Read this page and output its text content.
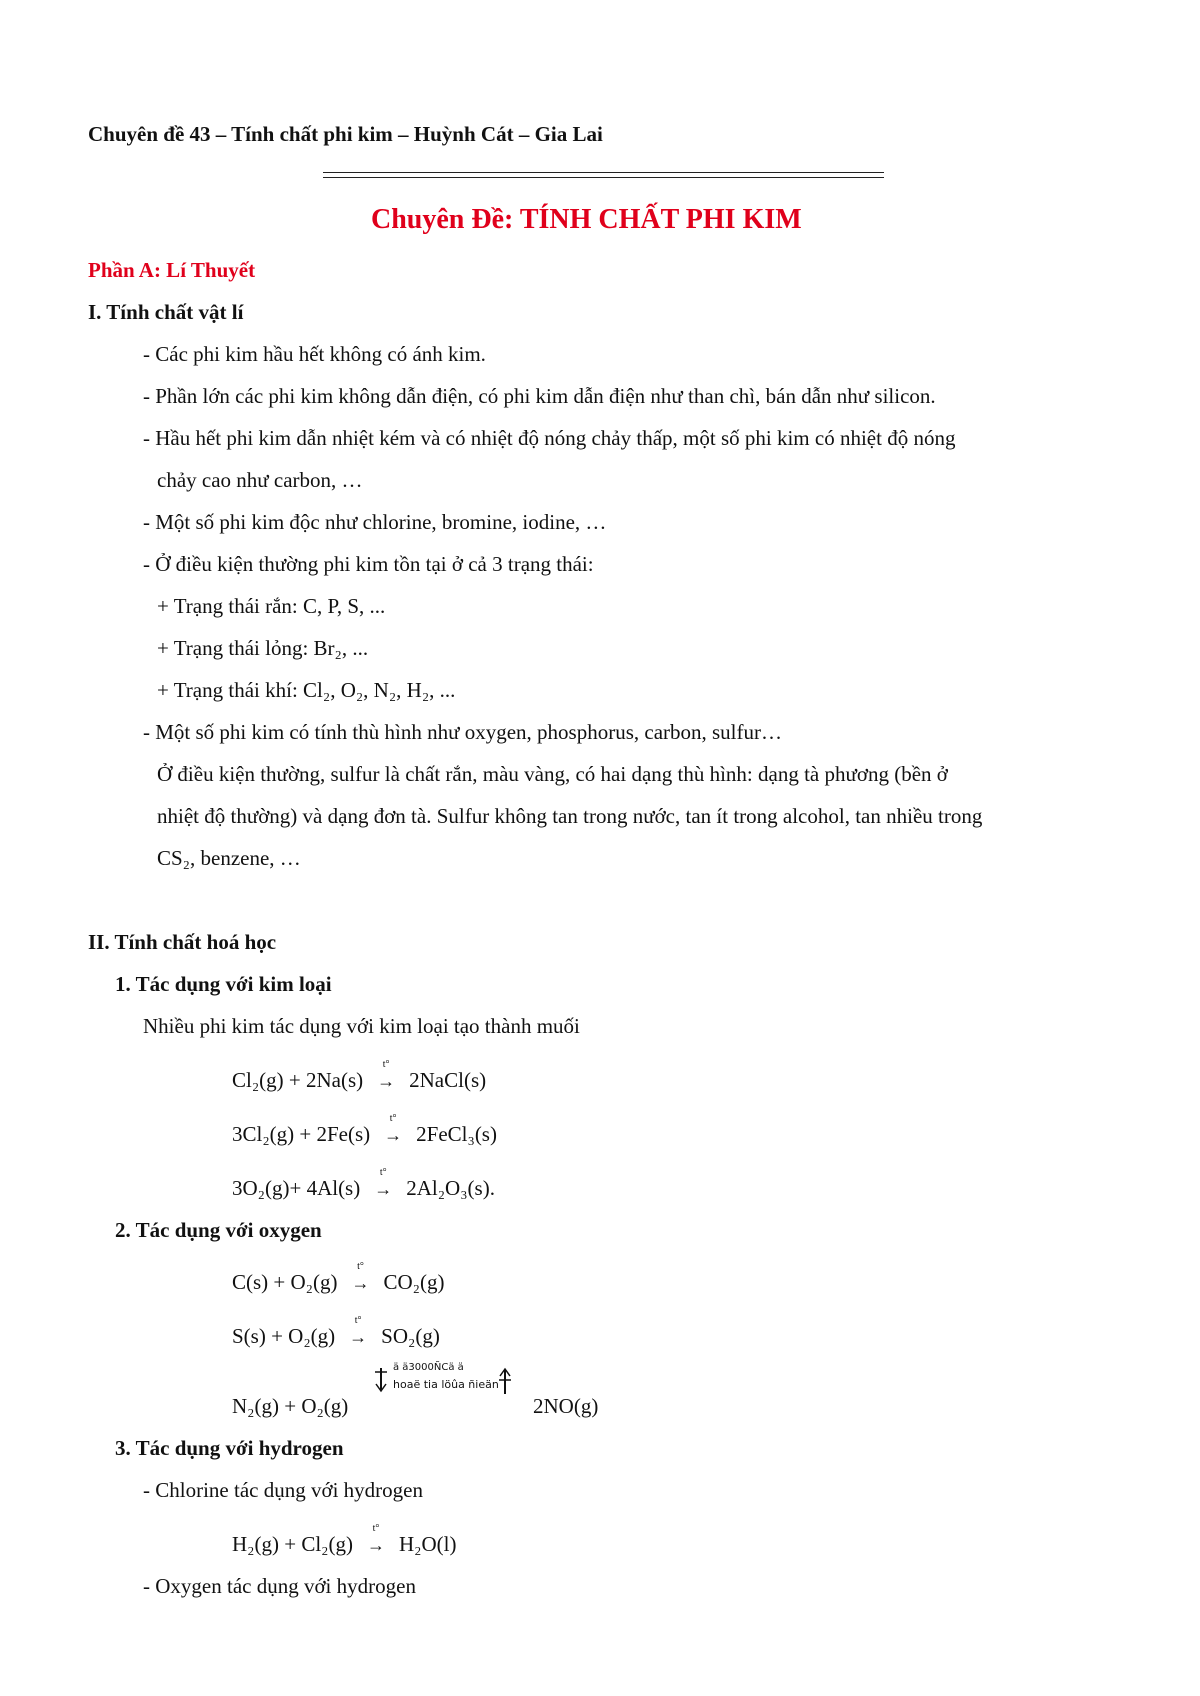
Chuyên đề 43 – Tính chất phi kim – Huỳnh Cát – Gia Lai
Chuyên Đề: TÍNH CHẤT PHI KIM
Phần A: Lí Thuyết
I. Tính chất vật lí
- Các phi kim hầu hết không có ánh kim.
- Phần lớn các phi kim không dẫn điện, có phi kim dẫn điện như than chì, bán dẫn như silicon.
- Hầu hết phi kim dẫn nhiệt kém và có nhiệt độ nóng chảy thấp, một số phi kim có nhiệt độ nóng
chảy cao như carbon, …
- Một số phi kim độc như chlorine, bromine, iodine, …
- Ở điều kiện thường phi kim tồn tại ở cả 3 trạng thái:
+ Trạng thái rắn: C, P, S, ...
+ Trạng thái lỏng: Br₂, ...
+ Trạng thái khí: Cl₂, O₂, N₂, H₂, ...
- Một số phi kim có tính thù hình như oxygen, phosphorus, carbon, sulfur…
Ở điều kiện thường, sulfur là chất rắn, màu vàng, có hai dạng thù hình: dạng tà phương (bền ở
nhiệt độ thường) và dạng đơn tà. Sulfur không tan trong nước, tan ít trong alcohol, tan nhiều trong
CS₂, benzene, …
II. Tính chất hoá học
1. Tác dụng với kim loại
Nhiều phi kim tác dụng với kim loại tạo thành muối
Cl₂(g) + 2Na(s)
t°
→ 2NaCl(s)
3Cl₂(g) + 2Fe(s)
t°
→ 2FeCl₃(s)
3O₂(g)+ 4Al(s)
t°
→ 2Al₂O₃(s).
2. Tác dụng với oxygen
C(s) + O₂(g)
t°
→ CO₂(g)
S(s) + O₂(g)
t°
→ SO₂(g)
N₂(g) + O₂(g)
ä ä3000ÑCä ä
hoaë tia löûa ñieän
2NO(g)
3. Tác dụng với hydrogen
- Chlorine tác dụng với hydrogen
H₂(g) + Cl₂(g)
t°
→ H₂O(l)
- Oxygen tác dụng với hydrogen
